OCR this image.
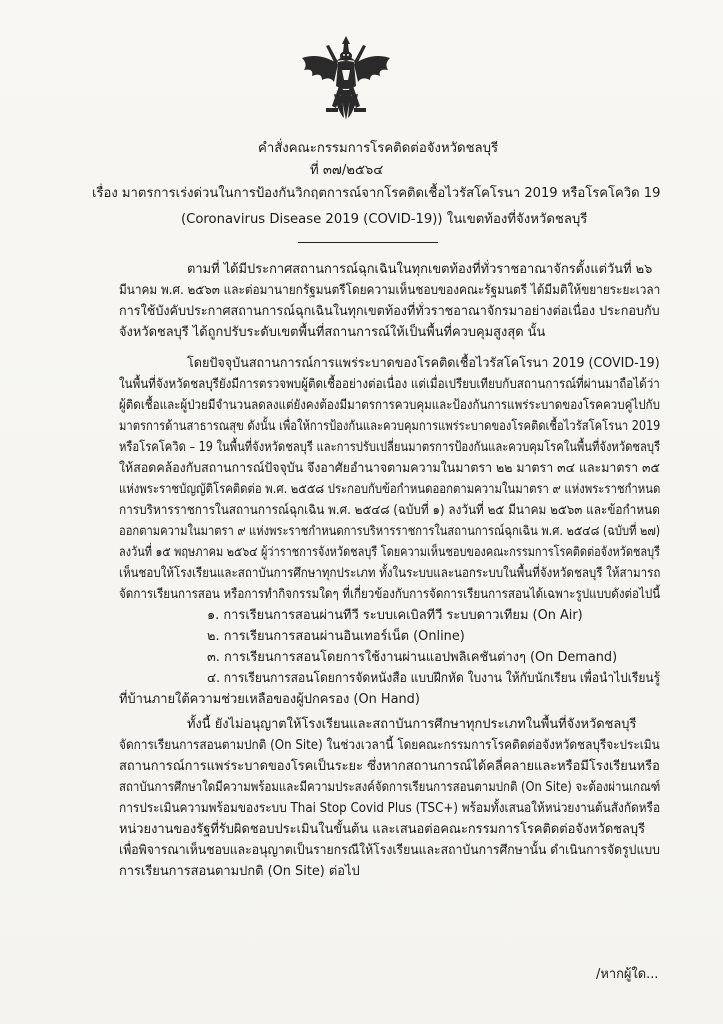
คำสั่งคณะกรรมการโรคติดต่อจังหวัดชลบุรี
ที่ ๓๗/๒๕๖๔
เรื่อง มาตรการเร่งด่วนในการป้องกันวิกฤตการณ์จากโรคติดเชื้อไวรัสโคโรนา 2019 หรือโรคโควิด 19
(Coronavirus Disease 2019 (COVID-19)) ในเขตท้องที่จังหวัดชลบุรี
ตามที่ ได้มีประกาศสถานการณ์ฉุกเฉินในทุกเขตท้องที่ทั่วราชอาณาจักรตั้งแต่วันที่ ๒๖
มีนาคม พ.ศ. ๒๕๖๓ และต่อมานายกรัฐมนตรีโดยความเห็นชอบของคณะรัฐมนตรี ได้มีมติให้ขยายระยะเวลา
การใช้บังคับประกาศสถานการณ์ฉุกเฉินในทุกเขตท้องที่ทั่วราชอาณาจักรมาอย่างต่อเนื่อง ประกอบกับ
จังหวัดชลบุรี ได้ถูกปรับระดับเขตพื้นที่สถานการณ์ให้เป็นพื้นที่ควบคุมสูงสุด นั้น
โดยปัจจุบันสถานการณ์การแพร่ระบาดของโรคติดเชื้อไวรัสโคโรนา 2019 (COVID-19)
ในพื้นที่จังหวัดชลบุรียังมีการตรวจพบผู้ติดเชื้ออย่างต่อเนื่อง แต่เมื่อเปรียบเทียบกับสถานการณ์ที่ผ่านมาถือได้ว่า
ผู้ติดเชื้อและผู้ป่วยมีจำนวนลดลงแต่ยังคงต้องมีมาตรการควบคุมและป้องกันการแพร่ระบาดของโรคควบคู่ไปกับ
มาตรการด้านสาธารณสุข ดังนั้น เพื่อให้การป้องกันและควบคุมการแพร่ระบาดของโรคติดเชื้อไวรัสโคโรนา 2019
หรือโรคโควิด – 19 ในพื้นที่จังหวัดชลบุรี และการปรับเปลี่ยนมาตรการป้องกันและควบคุมโรคในพื้นที่จังหวัดชลบุรี
ให้สอดคล้องกับสถานการณ์ปัจจุบัน จึงอาศัยอำนาจตามความในมาตรา ๒๒ มาตรา ๓๔ และมาตรา ๓๕
แห่งพระราชบัญญัติโรคติดต่อ พ.ศ. ๒๕๕๘ ประกอบกับข้อกำหนดออกตามความในมาตรา ๙ แห่งพระราชกำหนด
การบริหารราชการในสถานการณ์ฉุกเฉิน พ.ศ. ๒๕๔๘ (ฉบับที่ ๑) ลงวันที่ ๒๕ มีนาคม ๒๕๖๓ และข้อกำหนด
ออกตามความในมาตรา ๙ แห่งพระราชกำหนดการบริหารราชการในสถานการณ์ฉุกเฉิน พ.ศ. ๒๕๔๘ (ฉบับที่ ๒๗)
ลงวันที่ ๑๕ พฤษภาคม ๒๕๖๔ ผู้ว่าราชการจังหวัดชลบุรี โดยความเห็นชอบของคณะกรรมการโรคติดต่อจังหวัดชลบุรี
เห็นชอบให้โรงเรียนและสถาบันการศึกษาทุกประเภท ทั้งในระบบและนอกระบบในพื้นที่จังหวัดชลบุรี ให้สามารถ
จัดการเรียนการสอน หรือการทำกิจกรรมใดๆ ที่เกี่ยวข้องกับการจัดการเรียนการสอนได้เฉพาะรูปแบบดังต่อไปนี้
๑. การเรียนการสอนผ่านทีวี ระบบเคเบิลทีวี ระบบดาวเทียม (On Air)
๒. การเรียนการสอนผ่านอินเทอร์เน็ต (Online)
๓. การเรียนการสอนโดยการใช้งานผ่านแอปพลิเคชันต่างๆ (On Demand)
๔. การเรียนการสอนโดยการจัดหนังสือ แบบฝึกหัด ใบงาน ให้กับนักเรียน เพื่อนำไปเรียนรู้
ที่บ้านภายใต้ความช่วยเหลือของผู้ปกครอง (On Hand)
ทั้งนี้ ยังไม่อนุญาตให้โรงเรียนและสถาบันการศึกษาทุกประเภทในพื้นที่จังหวัดชลบุรี
จัดการเรียนการสอนตามปกติ (On Site) ในช่วงเวลานี้ โดยคณะกรรมการโรคติดต่อจังหวัดชลบุรีจะประเมิน
สถานการณ์การแพร่ระบาดของโรคเป็นระยะ ซึ่งหากสถานการณ์ได้คลี่คลายและหรือมีโรงเรียนหรือ
สถาบันการศึกษาใดมีความพร้อมและมีความประสงค์จัดการเรียนการสอนตามปกติ (On Site) จะต้องผ่านเกณฑ์
การประเมินความพร้อมของระบบ Thai Stop Covid Plus (TSC+) พร้อมทั้งเสนอให้หน่วยงานต้นสังกัดหรือ
หน่วยงานของรัฐที่รับผิดชอบประเมินในขั้นต้น และเสนอต่อคณะกรรมการโรคติดต่อจังหวัดชลบุรี
เพื่อพิจารณาเห็นชอบและอนุญาตเป็นรายกรณีให้โรงเรียนและสถาบันการศึกษานั้น ดำเนินการจัดรูปแบบ
การเรียนการสอนตามปกติ (On Site) ต่อไป
/หากผู้ใด...
